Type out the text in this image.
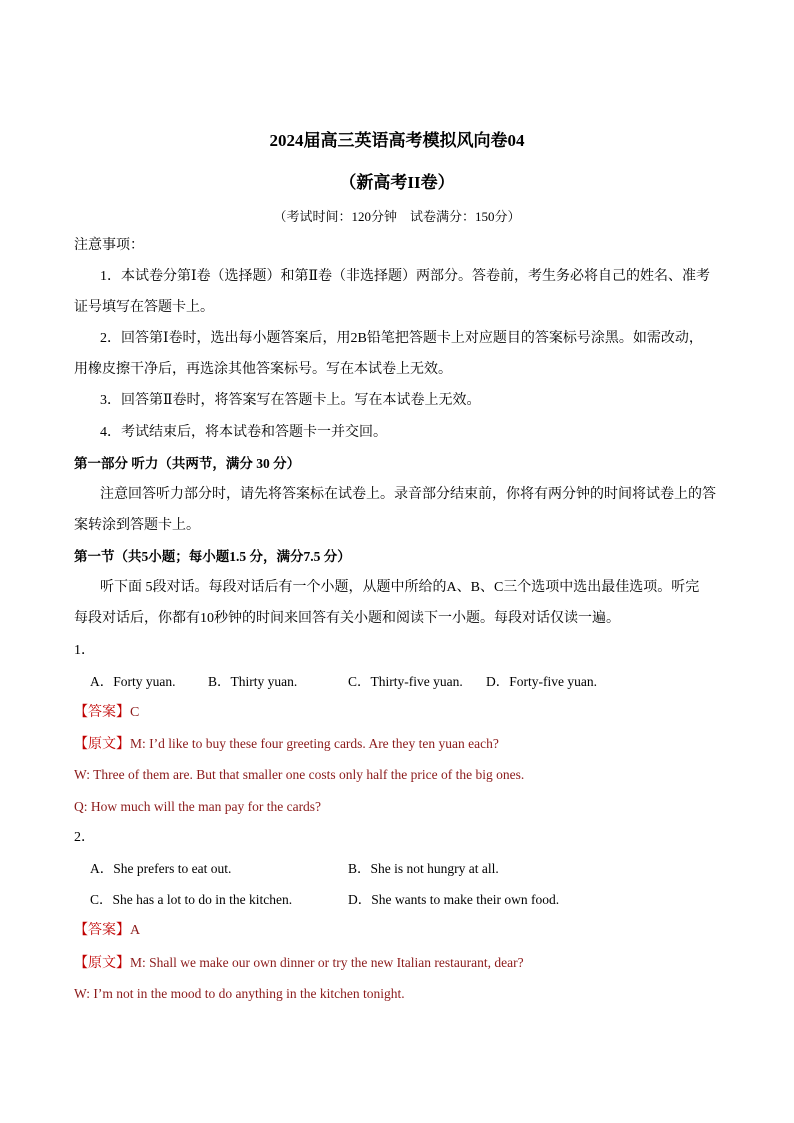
2024届高三英语高考模拟风向卷04

（新高考II卷）

（考试时间：120分钟　试卷满分：150分）

注意事项：

1．本试卷分第Ⅰ卷（选择题）和第Ⅱ卷（非选择题）两部分。答卷前，考生务必将自己的姓名、准考

证号填写在答题卡上。

2．回答第Ⅰ卷时，选出每小题答案后，用2B铅笔把答题卡上对应题目的答案标号涂黑。如需改动，

用橡皮擦干净后，再选涂其他答案标号。写在本试卷上无效。

3．回答第Ⅱ卷时，将答案写在答题卡上。写在本试卷上无效。

4．考试结束后，将本试卷和答题卡一并交回。

第一部分 听力（共两节，满分 30 分）

注意回答听力部分时，请先将答案标在试卷上。录音部分结束前，你将有两分钟的时间将试卷上的答

案转涂到答题卡上。

第一节（共5小题；每小题1.5 分，满分7.5 分）

听下面 5段对话。每段对话后有一个小题，从题中所给的A、B、C三个选项中选出最佳选项。听完

每段对话后，你都有10秒钟的时间来回答有关小题和阅读下一小题。每段对话仅读一遍。

1．

A．Forty yuan. B．Thirty yuan.	C．Thirty-five yuan. D．Forty-five yuan.

【答案】C

【原文】M: I’d like to buy these four greeting cards. Are they ten yuan each?

W: Three of them are. But that smaller one costs only half the price of the big ones.

Q: How much will the man pay for the cards?

2．

A．She prefers to eat out.	B．She is not hungry at all.
C．She has a lot to do in the kitchen.	D．She wants to make their own food.

【答案】A

【原文】M: Shall we make our own dinner or try the new Italian restaurant, dear?

W: I’m not in the mood to do anything in the kitchen tonight.
